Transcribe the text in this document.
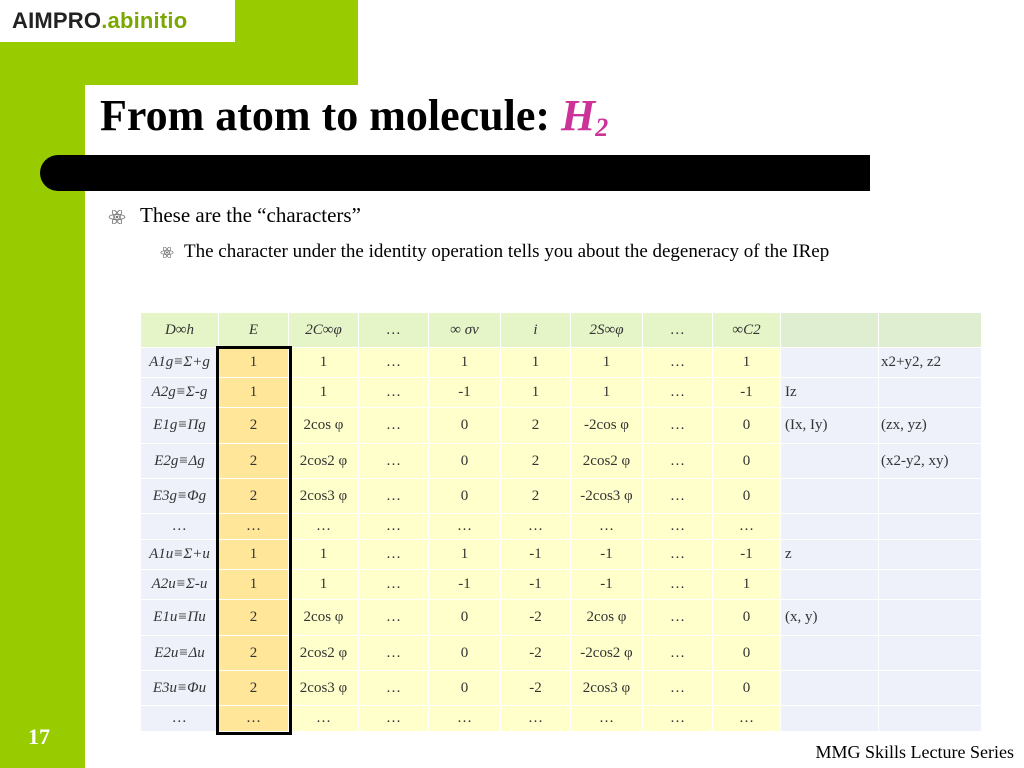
AIMPRO .abinitio
From atom to molecule: $H_2$
These are the “characters”
The character under the identity operation tells you about the degeneracy of the IRep
D∞h	E	2C∞φ	…	∞ σv	i	2S∞φ	…	∞C2		
A1g≡Σ+g	1	1	…	1	1	1	…	1		x2+y2, z2
A2g≡Σ-g	1	1	…	-1	1	1	…	-1	Iz	
E1g≡Πg	2	2cos φ	…	0	2	-2cos φ	…	0	(Ix, Iy)	(zx, yz)
E2g≡Δg	2	2cos2 φ	…	0	2	2cos2 φ	…	0		(x2-y2, xy)
E3g≡Φg	2	2cos3 φ	…	0	2	-2cos3 φ	…	0		
…	…	…	…	…	…	…	…	…		
A1u≡Σ+u	1	1	…	1	-1	-1	…	-1	z	
A2u≡Σ-u	1	1	…	-1	-1	-1	…	1		
E1u≡Πu	2	2cos φ	…	0	-2	2cos φ	…	0	(x, y)	
E2u≡Δu	2	2cos2 φ	…	0	-2	-2cos2 φ	…	0		
E3u≡Φu	2	2cos3 φ	…	0	-2	2cos3 φ	…	0		
…	…	…	…	…	…	…	…	…		
17
MMG Skills Lecture Series
